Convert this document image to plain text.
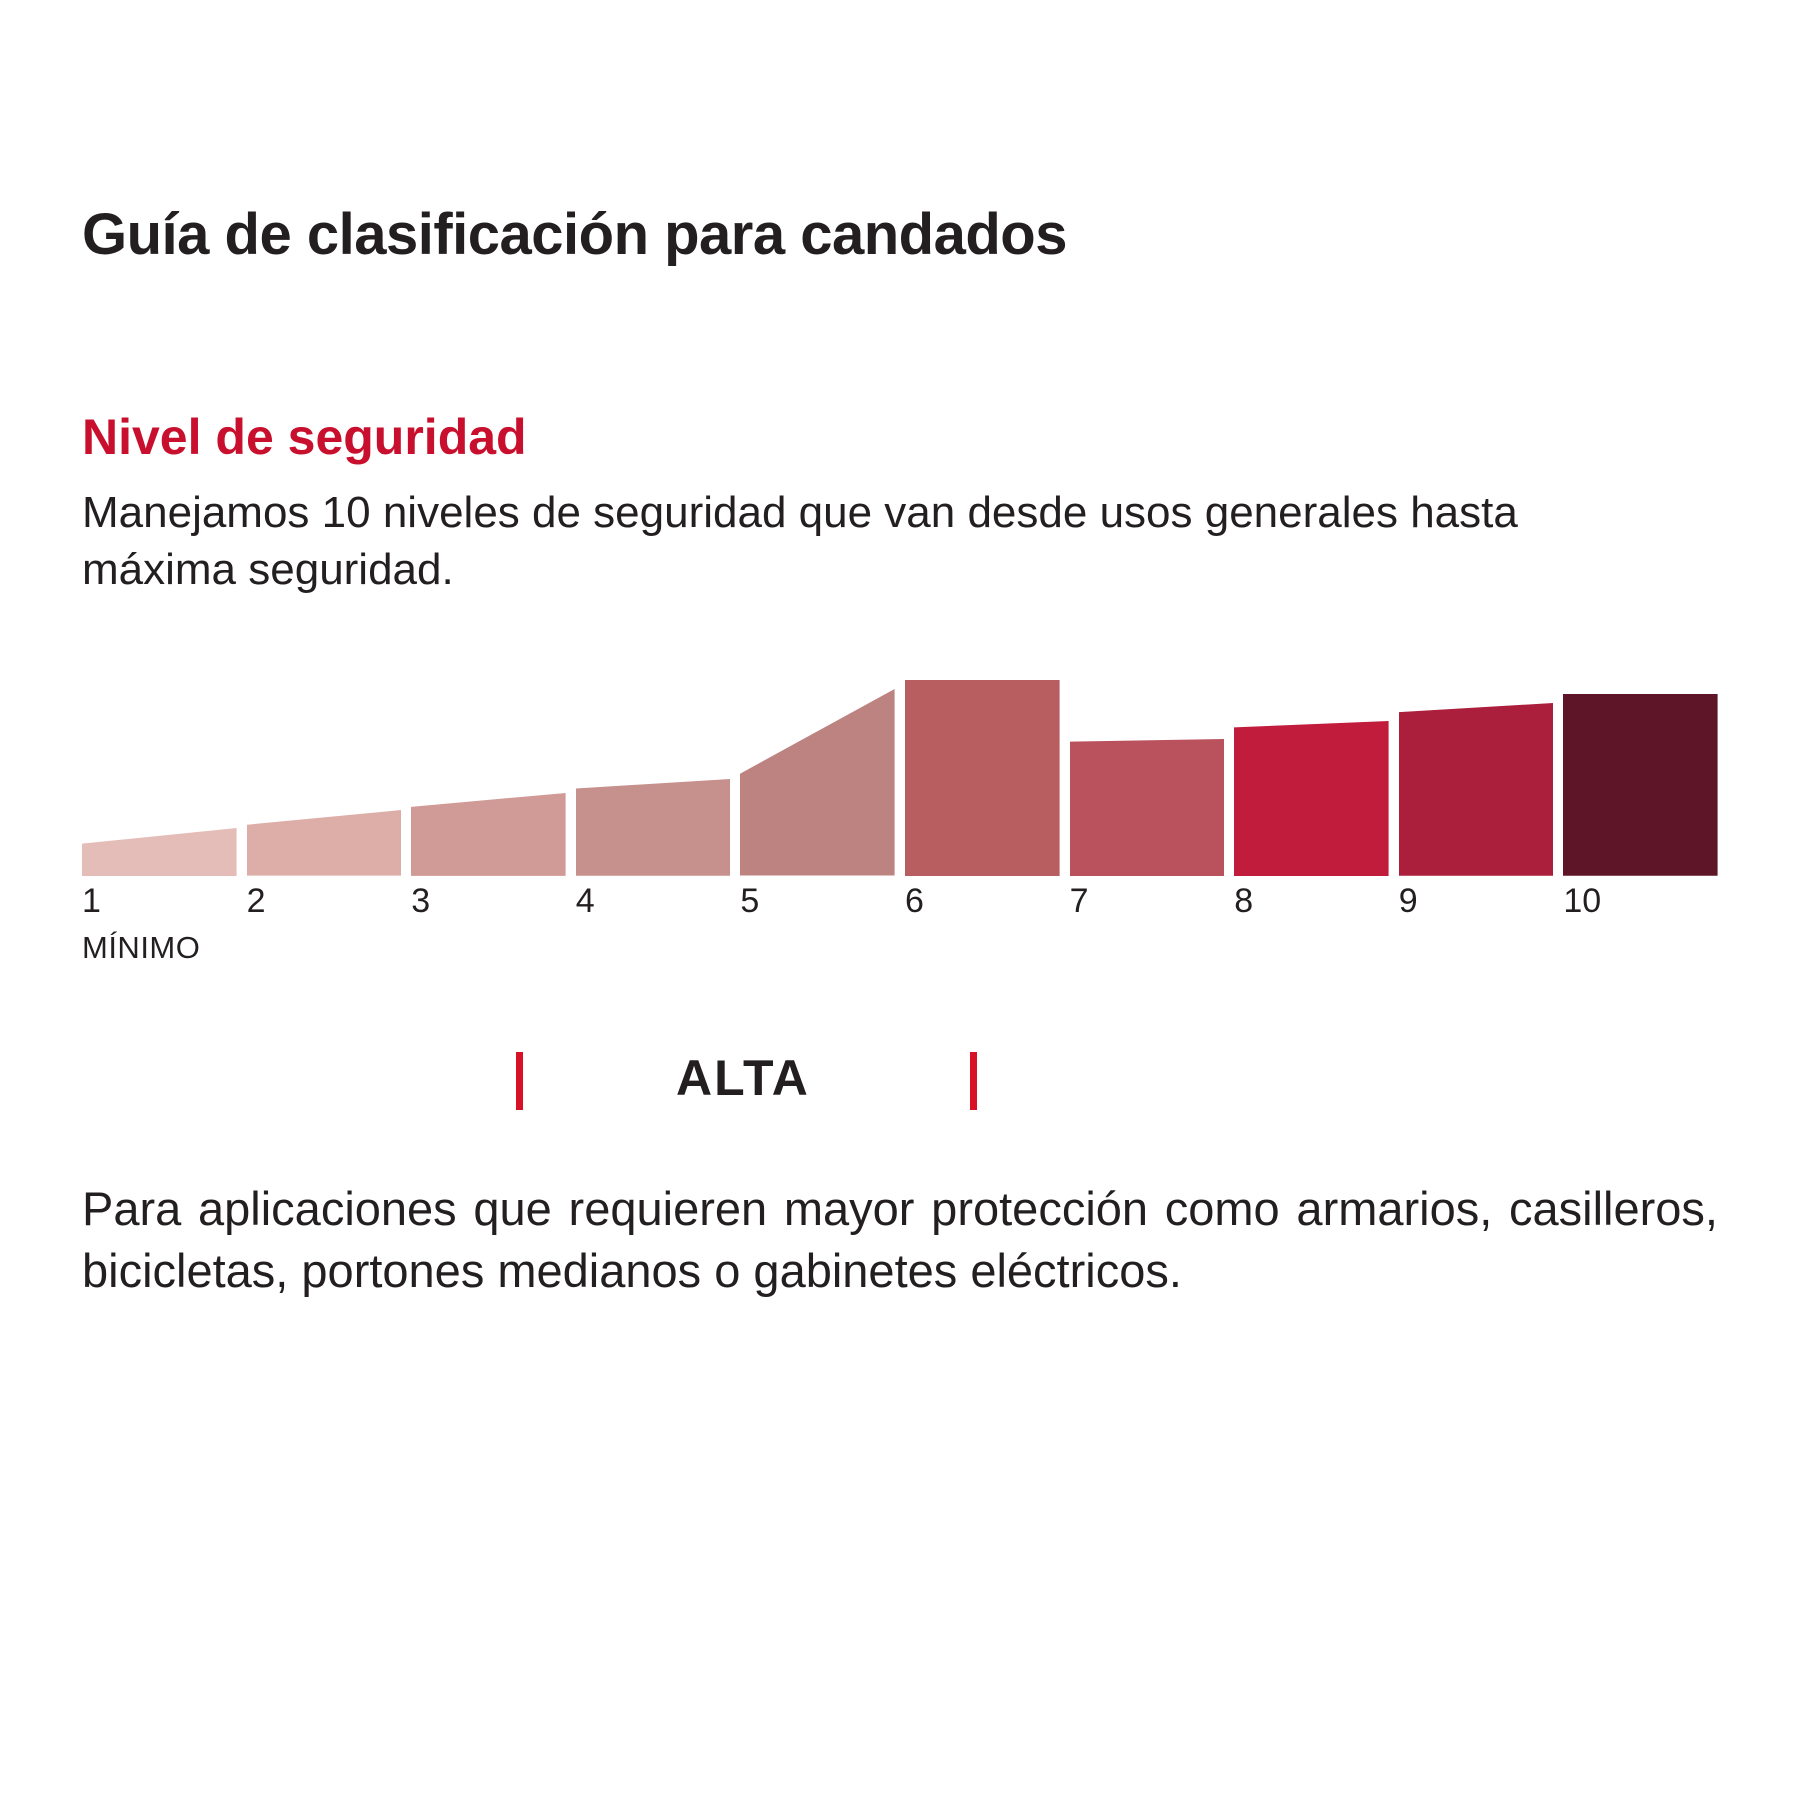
Guía de clasificación para candados
Nivel de seguridad

Manejamos 10 niveles de seguridad que van desde usos generales hasta máxima seguridad.

MÍNIMO
1	2	3	4	5	6	7	8	9	10
ALTA

Para aplicaciones que requieren mayor protección como armarios, casilleros, bicicletas, portones medianos o gabinetes eléctricos.
